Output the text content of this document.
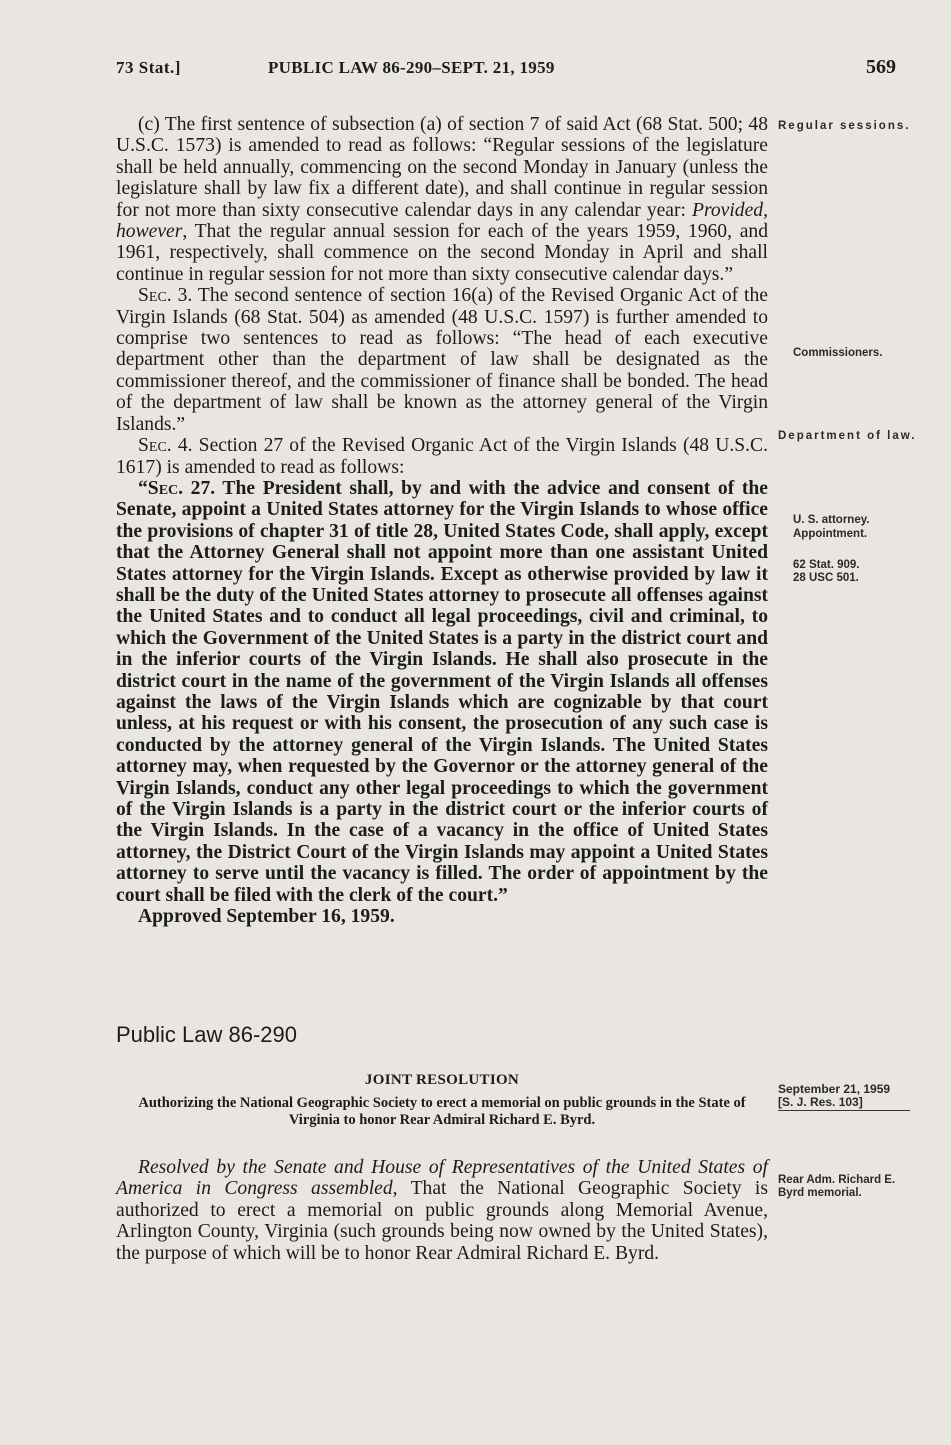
73 Stat.]	PUBLIC LAW 86-290–SEPT. 21, 1959	569

(c) The first sentence of subsection (a) of section 7 of said Act (68 Stat. 500; 48 U.S.C. 1573) is amended to read as follows: “Regular sessions of the legislature shall be held annually, commencing on the second Monday in January (unless the legislature shall by law fix a different date), and shall continue in regular session for not more than sixty consecutive calendar days in any calendar year: Provided, however, That the regular annual session for each of the years 1959, 1960, and 1961, respectively, shall commence on the second Monday in April and shall continue in regular session for not more than sixty consecutive calendar days.”

Sec. 3. The second sentence of section 16(a) of the Revised Organic Act of the Virgin Islands (68 Stat. 504) as amended (48 U.S.C. 1597) is further amended to comprise two sentences to read as follows: “The head of each executive department other than the department of law shall be designated as the commissioner thereof, and the commissioner of finance shall be bonded. The head of the department of law shall be known as the attorney general of the Virgin Islands.”

Sec. 4. Section 27 of the Revised Organic Act of the Virgin Islands (48 U.S.C. 1617) is amended to read as follows:

“Sec. 27. The President shall, by and with the advice and consent of the Senate, appoint a United States attorney for the Virgin Islands to whose office the provisions of chapter 31 of title 28, United States Code, shall apply, except that the Attorney General shall not appoint more than one assistant United States attorney for the Virgin Islands. Except as otherwise provided by law it shall be the duty of the United States attorney to prosecute all offenses against the United States and to conduct all legal proceedings, civil and criminal, to which the Government of the United States is a party in the district court and in the inferior courts of the Virgin Islands. He shall also prosecute in the district court in the name of the government of the Virgin Islands all offenses against the laws of the Virgin Islands which are cognizable by that court unless, at his request or with his consent, the prosecution of any such case is conducted by the attorney general of the Virgin Islands. The United States attorney may, when requested by the Governor or the attorney general of the Virgin Islands, conduct any other legal proceedings to which the government of the Virgin Islands is a party in the district court or the inferior courts of the Virgin Islands. In the case of a vacancy in the office of United States attorney, the District Court of the Virgin Islands may appoint a United States attorney to serve until the vacancy is filled. The order of appointment by the court shall be filed with the clerk of the court.”

Approved September 16, 1959.

Public Law 86-290
JOINT RESOLUTION
Authorizing the National Geographic Society to erect a memorial on public grounds in the State of Virginia to honor Rear Admiral Richard E. Byrd.

Resolved by the Senate and House of Representatives of the United States of America in Congress assembled, That the National Geographic Society is authorized to erect a memorial on public grounds along Memorial Avenue, Arlington County, Virginia (such grounds being now owned by the United States), the purpose of which will be to honor Rear Admiral Richard E. Byrd.

Regular sessions.
Commissioners.
Department of law.
U. S. attorney.
Appointment.
62 Stat. 909.
28 USC 501.
September 21, 1959
[S. J. Res. 103]
Rear Adm. Richard E. Byrd memorial.
